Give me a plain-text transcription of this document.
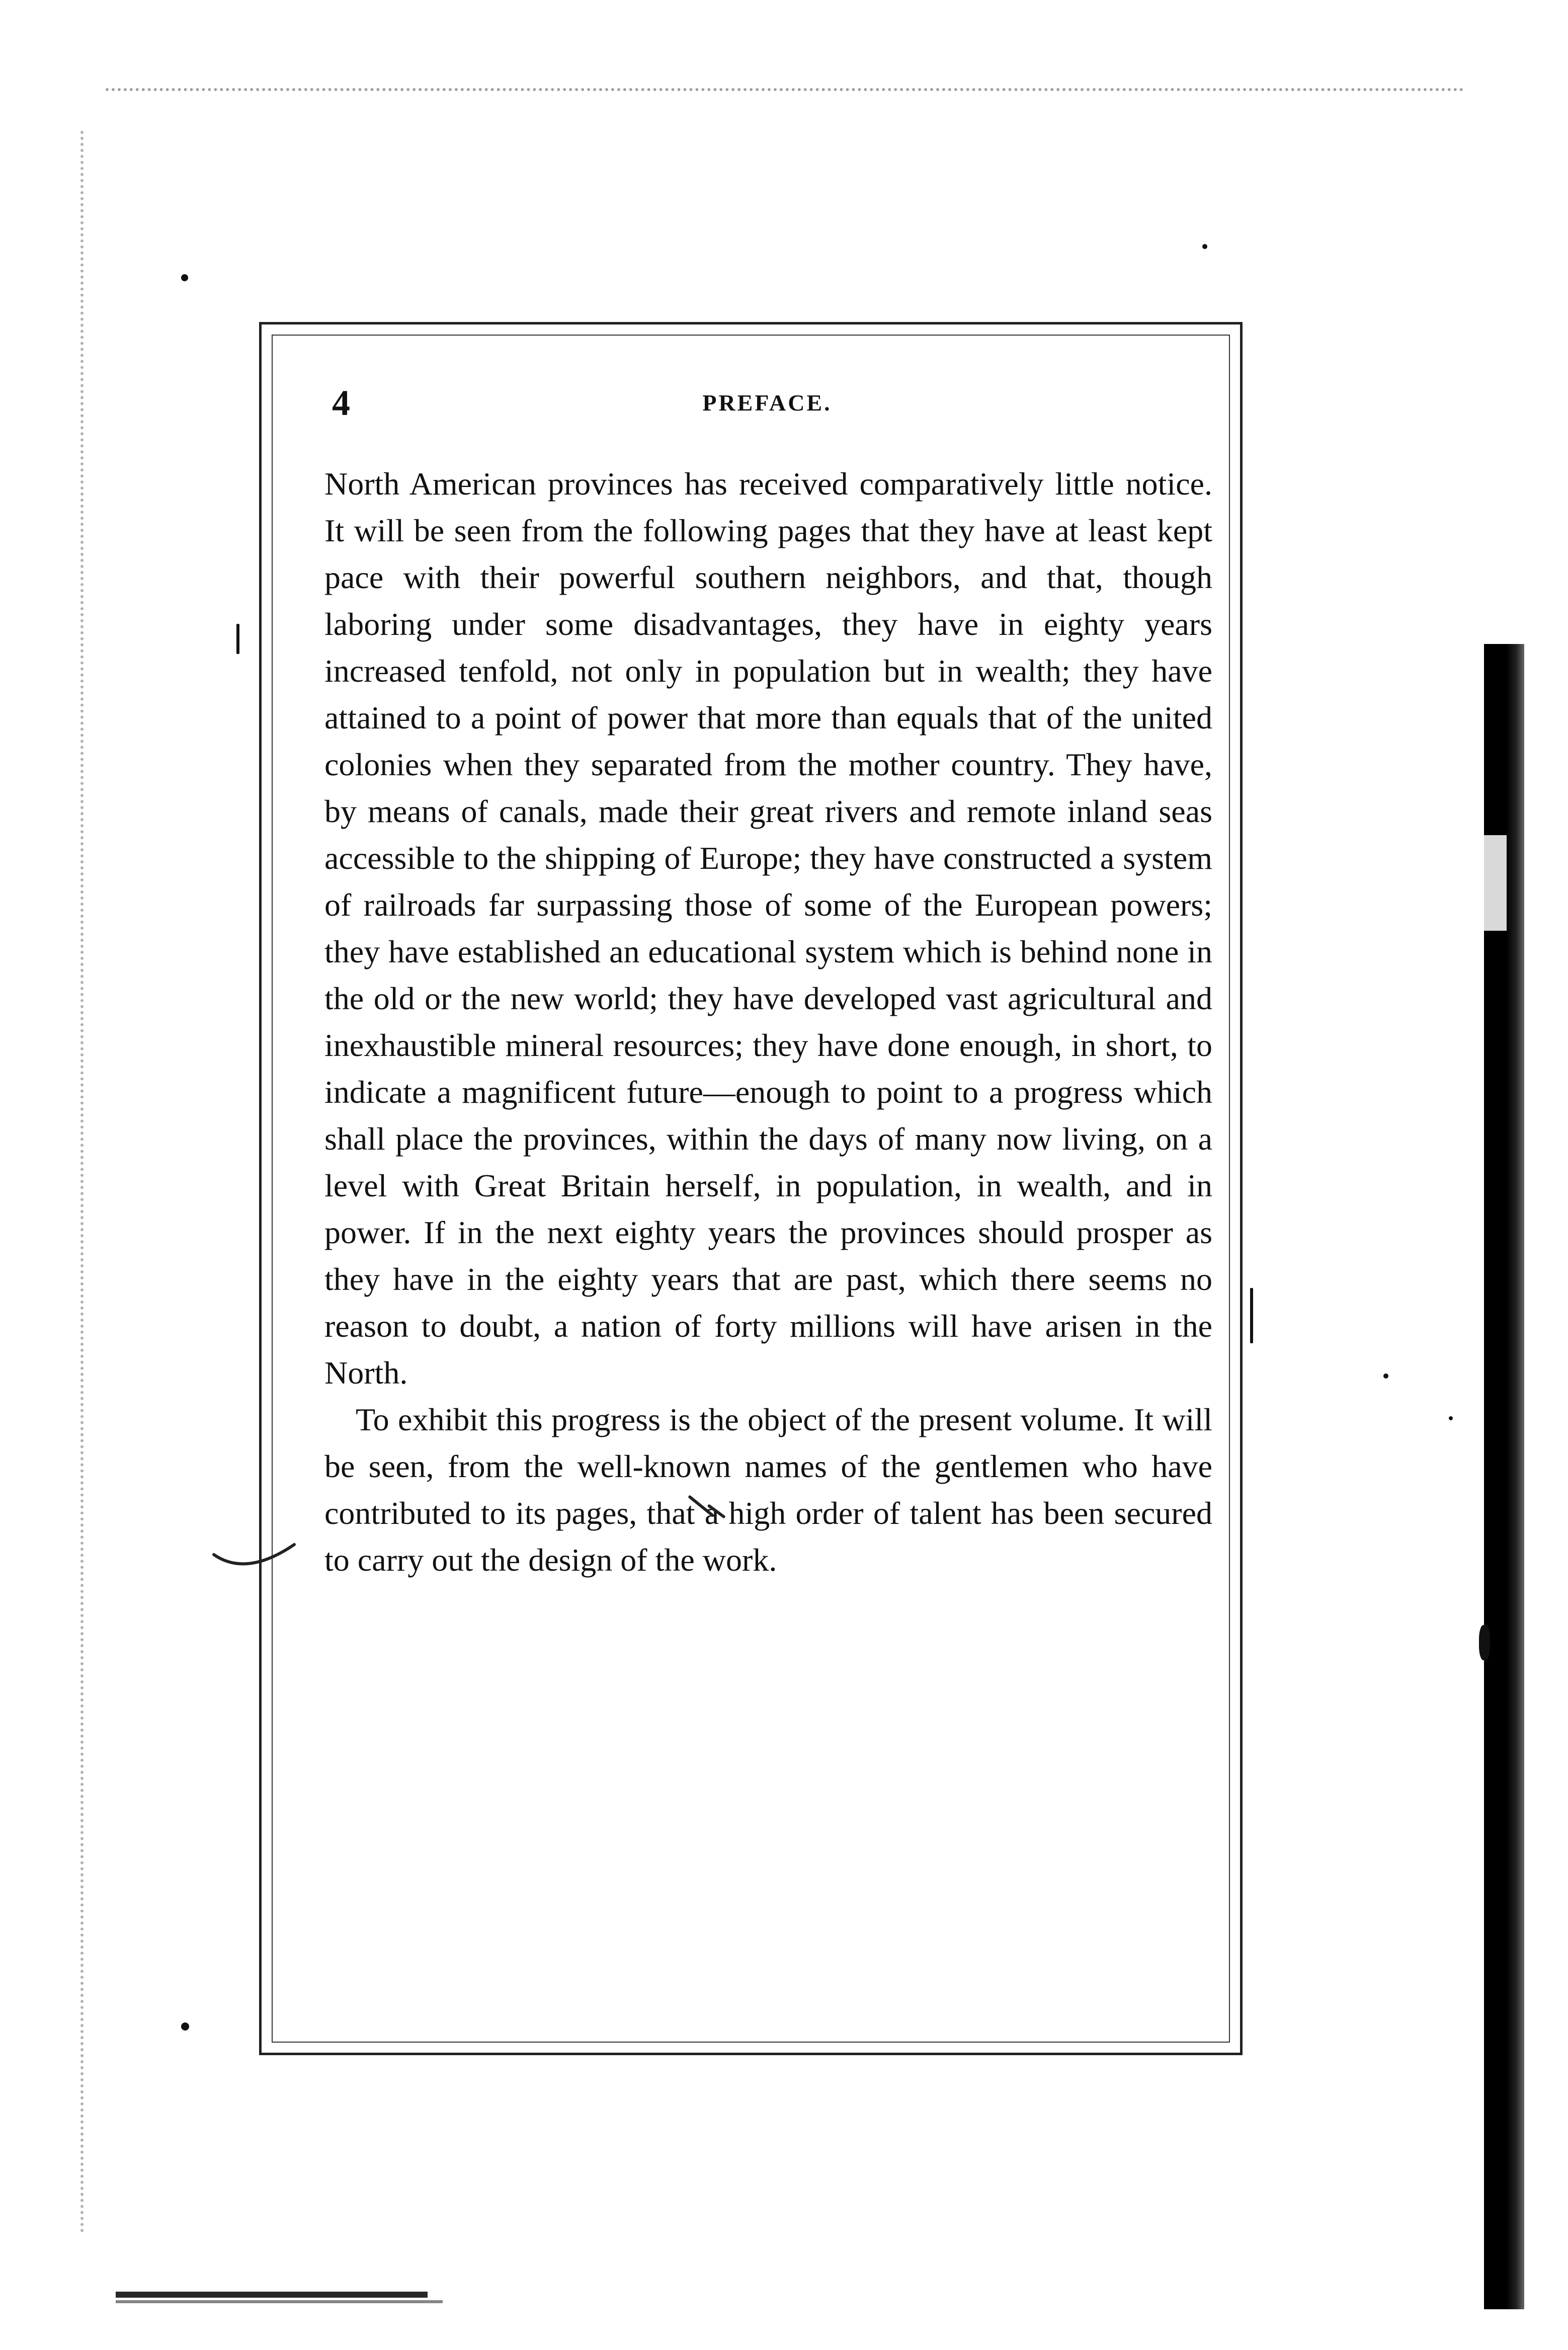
4	PREFACE.

North American provinces has received comparatively little notice. It will be seen from the following pages that they have at least kept pace with their powerful southern neighbors, and that, though laboring under some disadvantages, they have in eighty years increased tenfold, not only in population but in wealth; they have attained to a point of power that more than equals that of the united colonies when they separated from the mother country. They have, by means of canals, made their great rivers and remote inland seas accessible to the shipping of Europe; they have constructed a system of railroads far surpassing those of some of the European powers; they have established an educational system which is behind none in the old or the new world; they have developed vast agricultural and inexhaustible mineral resources; they have done enough, in short, to indicate a magnificent future—enough to point to a progress which shall place the provinces, within the days of many now living, on a level with Great Britain herself, in population, in wealth, and in power. If in the next eighty years the provinces should prosper as they have in the eighty years that are past, which there seems no reason to doubt, a nation of forty millions will have arisen in the North.

To exhibit this progress is the object of the present volume. It will be seen, from the well-known names of the gentlemen who have contributed to its pages, that a high order of talent has been secured to carry out the design of the work.
